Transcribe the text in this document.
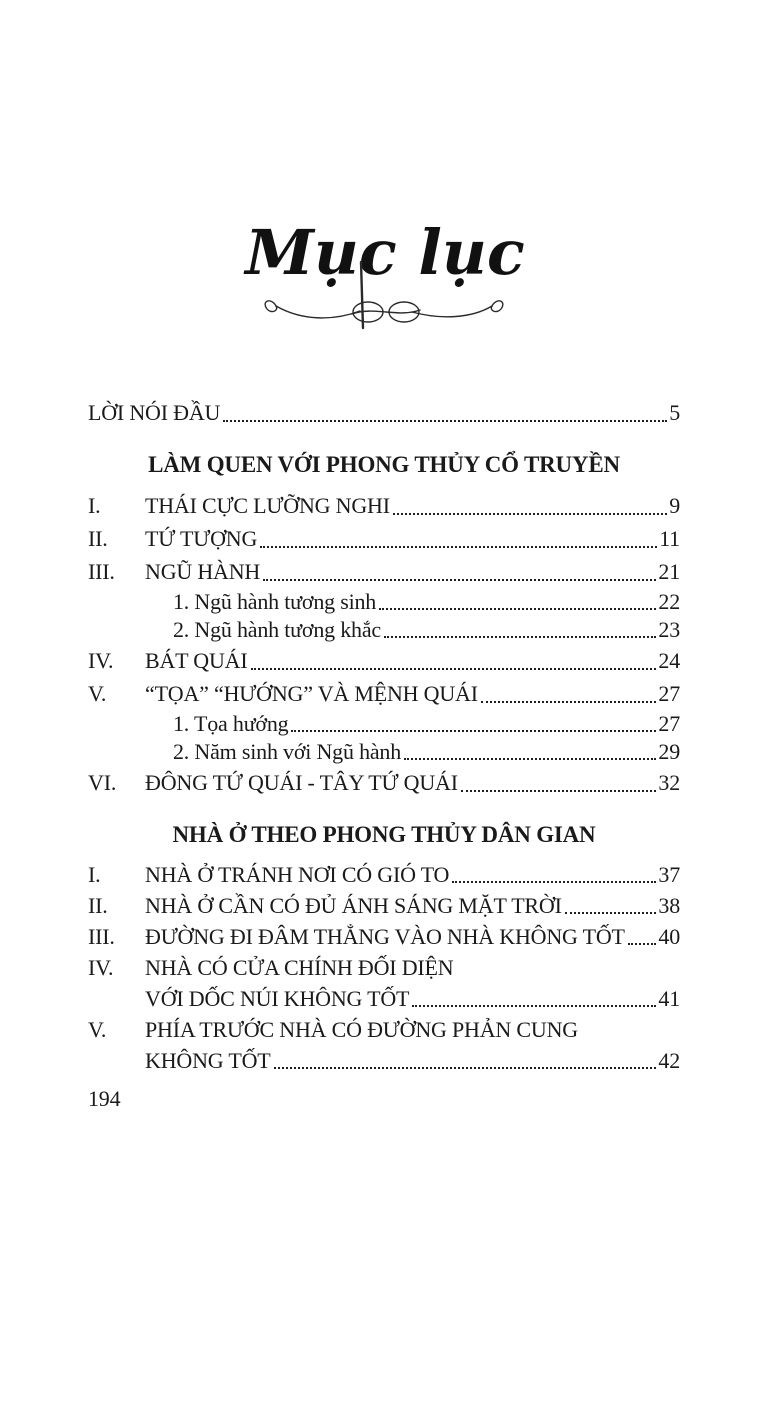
Mục lục
LỜI NÓI ĐẦU	5
LÀM QUEN VỚI PHONG THỦY CỔ TRUYỀN
I.	THÁI CỰC LƯỠNG NGHI	9
II.	TỨ TƯỢNG	11
III.	NGŨ HÀNH	21
1. Ngũ hành tương sinh	22
2. Ngũ hành tương khắc	23
IV.	BÁT QUÁI	24
V.	“TỌA” “HƯỚNG” VÀ MỆNH QUÁI	27
1. Tọa hướng	27
2. Năm sinh với Ngũ hành	29
VI.	ĐÔNG TỨ QUÁI - TÂY TỨ QUÁI	32
NHÀ Ở THEO PHONG THỦY DÂN GIAN
I.	NHÀ Ở TRÁNH NƠI CÓ GIÓ TO	37
II.	NHÀ Ở CẦN CÓ ĐỦ ÁNH SÁNG MẶT TRỜI	38
III.	ĐƯỜNG ĐI ĐÂM THẲNG VÀO NHÀ KHÔNG TỐT 40
IV.	NHÀ CÓ CỬA CHÍNH ĐỐI DIỆN
VỚI DỐC NÚI KHÔNG TỐT	41
V.	PHÍA TRƯỚC NHÀ CÓ ĐƯỜNG PHẢN CUNG
KHÔNG TỐT	42
194
